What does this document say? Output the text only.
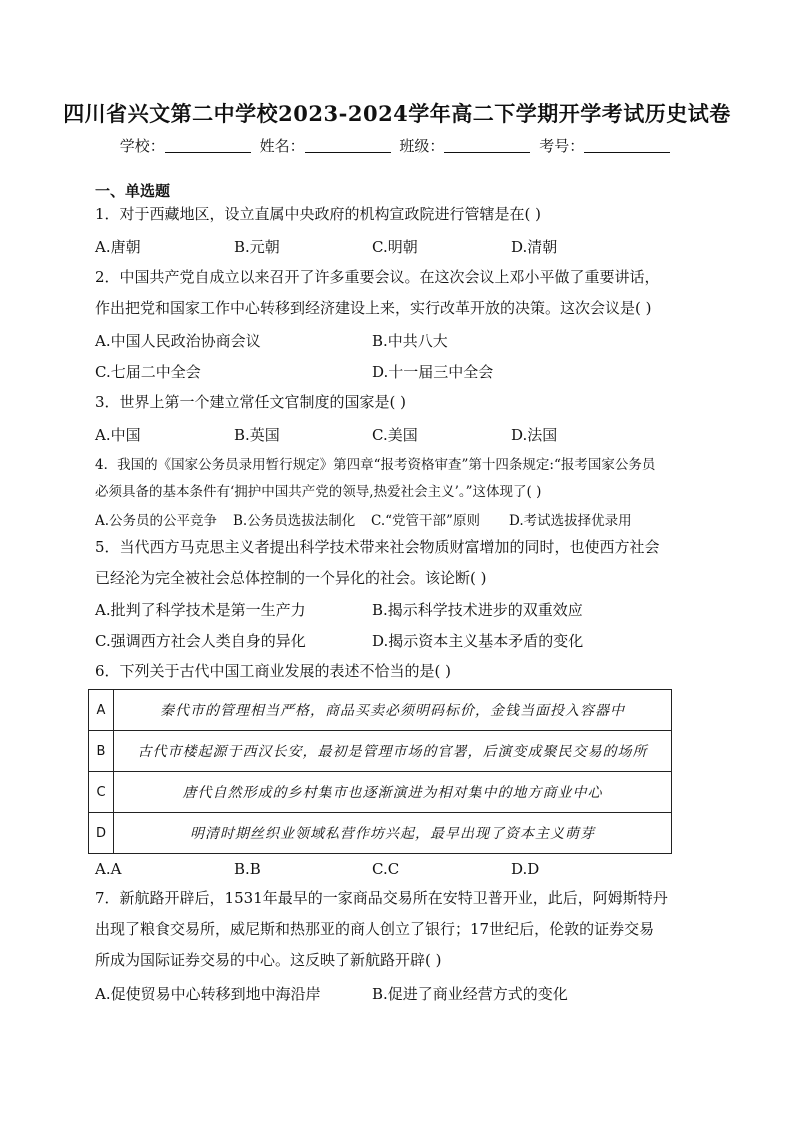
四川省兴文第二中学校2023-2024学年高二下学期开学考试历史试卷
学校：	姓名：	班级：	考号：
一、单选题
1．对于西藏地区，设立直属中央政府的机构宣政院进行管辖是在( )
A.唐朝	B.元朝	C.明朝	D.清朝
2．中国共产党自成立以来召开了许多重要会议。在这次会议上邓小平做了重要讲话，
作出把党和国家工作中心转移到经济建设上来，实行改革开放的决策。这次会议是( )
A.中国人民政治协商会议	B.中共八大
C.七届二中全会	D.十一届三中全会
3．世界上第一个建立常任文官制度的国家是( )
A.中国	B.英国	C.美国	D.法国
4．我国的《国家公务员录用暂行规定》第四章“报考资格审查”第十四条规定:“报考国家公务员
必须具备的基本条件有‘拥护中国共产党的领导,热爱社会主义’。”这体现了( )
A.公务员的公平竞争 B.公务员选拔法制化 C.“党管干部”原则 D.考试选拔择优录用
5．当代西方马克思主义者提出科学技术带来社会物质财富增加的同时，也使西方社会
已经沦为完全被社会总体控制的一个异化的社会。该论断( )
A.批判了科学技术是第一生产力	B.揭示科学技术进步的双重效应
C.强调西方社会人类自身的异化	D.揭示资本主义基本矛盾的变化
6．下列关于古代中国工商业发展的表述不恰当的是( )
A	秦代市的管理相当严格，商品买卖必须明码标价，金钱当面投入容器中
B	古代市楼起源于西汉长安，最初是管理市场的官署，后演变成聚民交易的场所
C	唐代自然形成的乡村集市也逐渐演进为相对集中的地方商业中心
D	明清时期丝织业领域私营作坊兴起，最早出现了资本主义萌芽
A.A	B.B	C.C	D.D
7．新航路开辟后，1531年最早的一家商品交易所在安特卫普开业，此后，阿姆斯特丹
出现了粮食交易所，威尼斯和热那亚的商人创立了银行；17世纪后，伦敦的证券交易
所成为国际证券交易的中心。这反映了新航路开辟( )
A.促使贸易中心转移到地中海沿岸	B.促进了商业经营方式的变化
